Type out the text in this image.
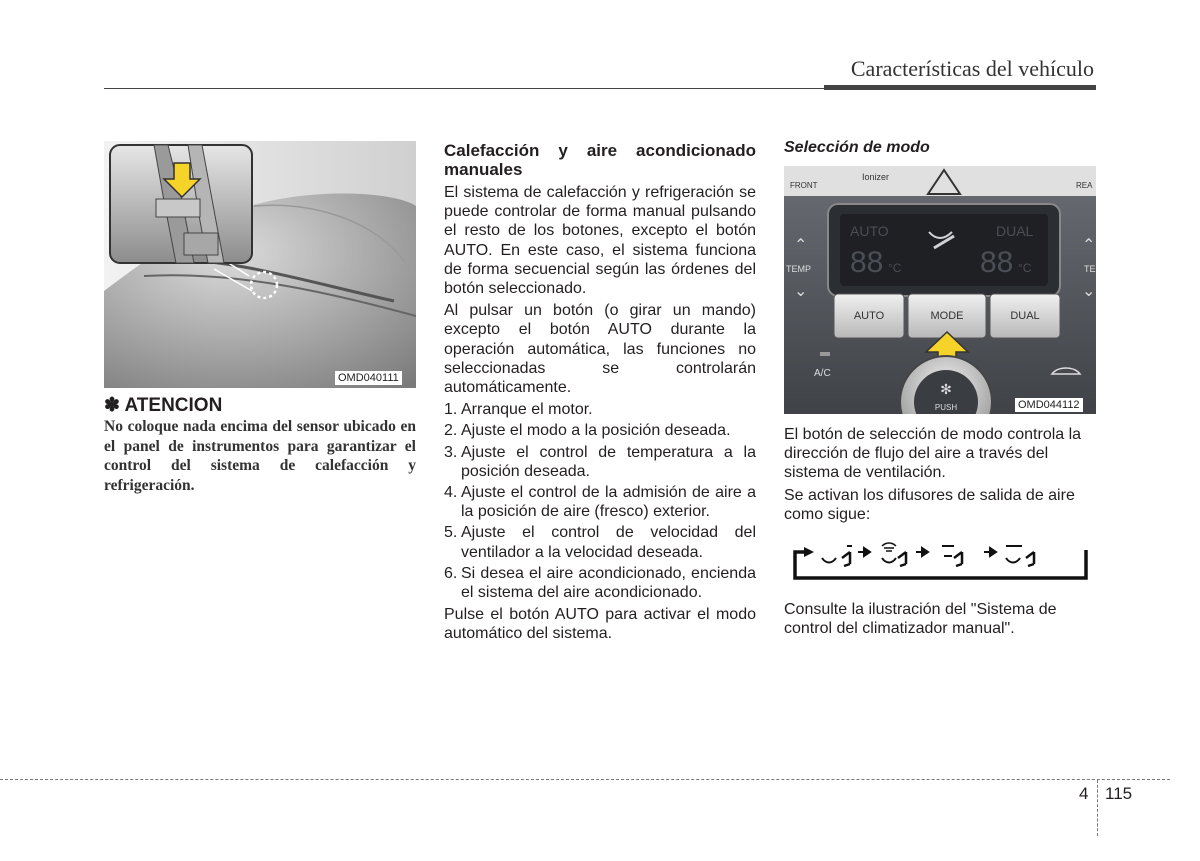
Características del vehículo
OMD040111
✽ ATENCION
No coloque nada encima del sensor ubicado en el panel de instrumentos para garantizar el control del sistema de calefacción y refrigeración.
Calefacción y aire acondicionado manuales

El sistema de calefacción y refrigeración se puede controlar de forma manual pulsando el resto de los botones, excepto el botón AUTO. En este caso, el sistema funciona de forma secuencial según las órdenes del botón seleccionado.

Al pulsar un botón (o girar un mando) excepto el botón AUTO durante la operación automática, las funciones no seleccionadas se controlarán automáticamente.

1. Arranque el motor.
2. Ajuste el modo a la posición deseada.
3. Ajuste el control de temperatura a la posición deseada.
4. Ajuste el control de la admisión de aire a la posición de aire (fresco) exterior.
5. Ajuste el control de velocidad del ventilador a la velocidad deseada.
6. Si desea el aire acondicionado, encienda el sistema del aire acondicionado.

Pulse el botón AUTO para activar el modo automático del sistema.

Selección de modo
FRONT
Ionizer
REA
AUTO	DUAL
88 °C	88 °C
⌃
TEMP
⌄
⌃
TE
⌄
AUTO	MODE	DUAL
A/C
✻
PUSH	OMD044112

El botón de selección de modo controla la dirección de flujo del aire a través del sistema de ventilación.

Se activan los difusores de salida de aire como sigue:

Consulte la ilustración del "Sistema de control del climatizador manual".

4 115
